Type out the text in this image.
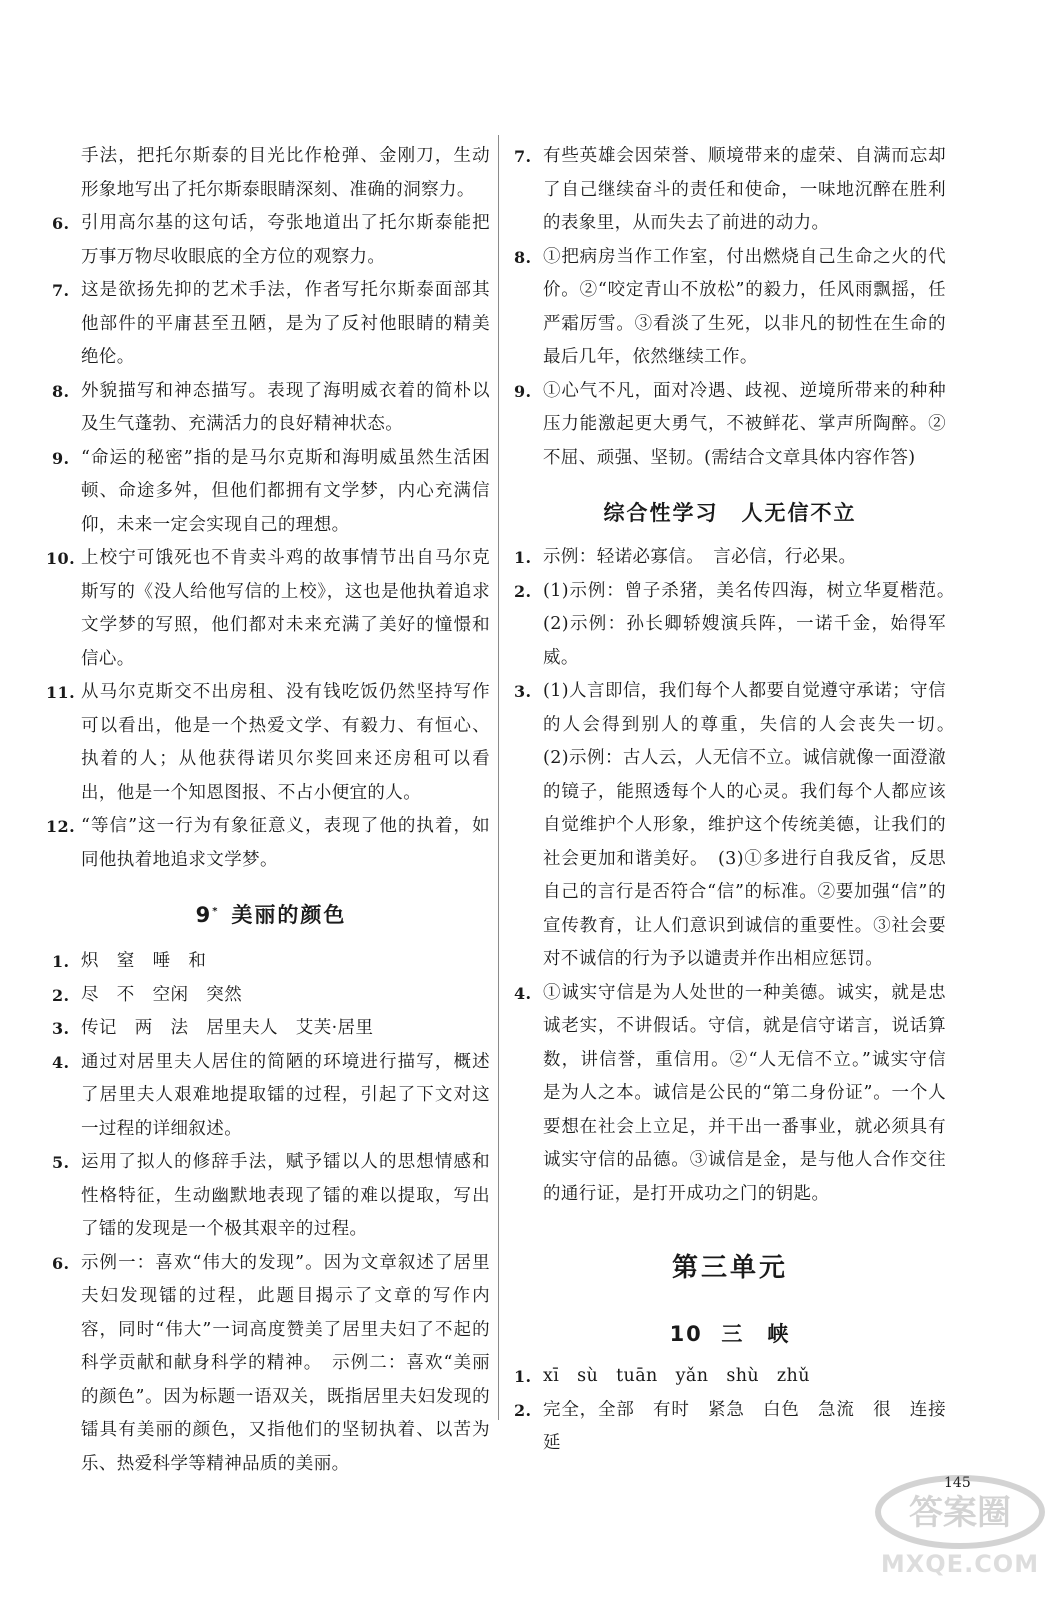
手法，把托尔斯泰的目光比作枪弹、金刚刀，生动形象地写出了托尔斯泰眼睛深刻、准确的洞察力。
6. 引用高尔基的这句话，夸张地道出了托尔斯泰能把万事万物尽收眼底的全方位的观察力。
7. 这是欲扬先抑的艺术手法，作者写托尔斯泰面部其他部件的平庸甚至丑陋，是为了反衬他眼睛的精美绝伦。
8. 外貌描写和神态描写。表现了海明威衣着的简朴以及生气蓬勃、充满活力的良好精神状态。
9. “命运的秘密”指的是马尔克斯和海明威虽然生活困顿、命途多舛，但他们都拥有文学梦，内心充满信仰，未来一定会实现自己的理想。
10. 上校宁可饿死也不肯卖斗鸡的故事情节出自马尔克斯写的《没人给他写信的上校》，这也是他执着追求文学梦的写照，他们都对未来充满了美好的憧憬和信心。
11. 从马尔克斯交不出房租、没有钱吃饭仍然坚持写作可以看出，他是一个热爱文学、有毅力、有恒心、执着的人；从他获得诺贝尔奖回来还房租可以看出，他是一个知恩图报、不占小便宜的人。
12. “等信”这一行为有象征意义，表现了他的执着，如同他执着地追求文学梦。
9* 美丽的颜色
1. 炽　窒　唾　和
2. 尽　不　空闲　突然
3. 传记　两　法　居里夫人　艾芙·居里
4. 通过对居里夫人居住的简陋的环境进行描写，概述了居里夫人艰难地提取镭的过程，引起了下文对这一过程的详细叙述。
5. 运用了拟人的修辞手法，赋予镭以人的思想情感和性格特征，生动幽默地表现了镭的难以提取，写出了镭的发现是一个极其艰辛的过程。
6. 示例一：喜欢“伟大的发现”。因为文章叙述了居里夫妇发现镭的过程，此题目揭示了文章的写作内容，同时“伟大”一词高度赞美了居里夫妇了不起的科学贡献和献身科学的精神。　示例二：喜欢“美丽的颜色”。因为标题一语双关，既指居里夫妇发现的镭具有美丽的颜色，又指他们的坚韧执着、以苦为乐、热爱科学等精神品质的美丽。
7. 有些英雄会因荣誉、顺境带来的虚荣、自满而忘却了自己继续奋斗的责任和使命，一味地沉醉在胜利的表象里，从而失去了前进的动力。
8. ①把病房当作工作室，付出燃烧自己生命之火的代价。②“咬定青山不放松”的毅力，任风雨飘摇，任严霜厉雪。③看淡了生死，以非凡的韧性在生命的最后几年，依然继续工作。
9. ①心气不凡，面对冷遇、歧视、逆境所带来的种种压力能激起更大勇气，不被鲜花、掌声所陶醉。②不屈、顽强、坚韧。(需结合文章具体内容作答)
综合性学习　人无信不立
1. 示例：轻诺必寡信。　言必信，行必果。
2. (1)示例：曾子杀猪，美名传四海，树立华夏楷范。　(2)示例：孙长卿轿嫂演兵阵，一诺千金，始得军威。
3. (1)人言即信，我们每个人都要自觉遵守承诺；守信的人会得到别人的尊重，失信的人会丧失一切。　(2)示例：古人云，人无信不立。诚信就像一面澄澈的镜子，能照透每个人的心灵。我们每个人都应该自觉维护个人形象，维护这个传统美德，让我们的社会更加和谐美好。　(3)①多进行自我反省，反思自己的言行是否符合“信”的标准。②要加强“信”的宣传教育，让人们意识到诚信的重要性。③社会要对不诚信的行为予以谴责并作出相应惩罚。
4. ①诚实守信是为人处世的一种美德。诚实，就是忠诚老实，不讲假话。守信，就是信守诺言，说话算数，讲信誉，重信用。②“人无信不立。”诚实守信是为人之本。诚信是公民的“第二身份证”。一个人要想在社会上立足，并干出一番事业，就必须具有诚实守信的品德。③诚信是金，是与他人合作交往的通行证，是打开成功之门的钥匙。
第三单元
10 三　峡
1. xī　sù　tuān　yǎn　shù　zhǔ
2. 完全，全部　有时　紧急　白色　急流　很　连接　延
145
答案圈
MXQE.COM
